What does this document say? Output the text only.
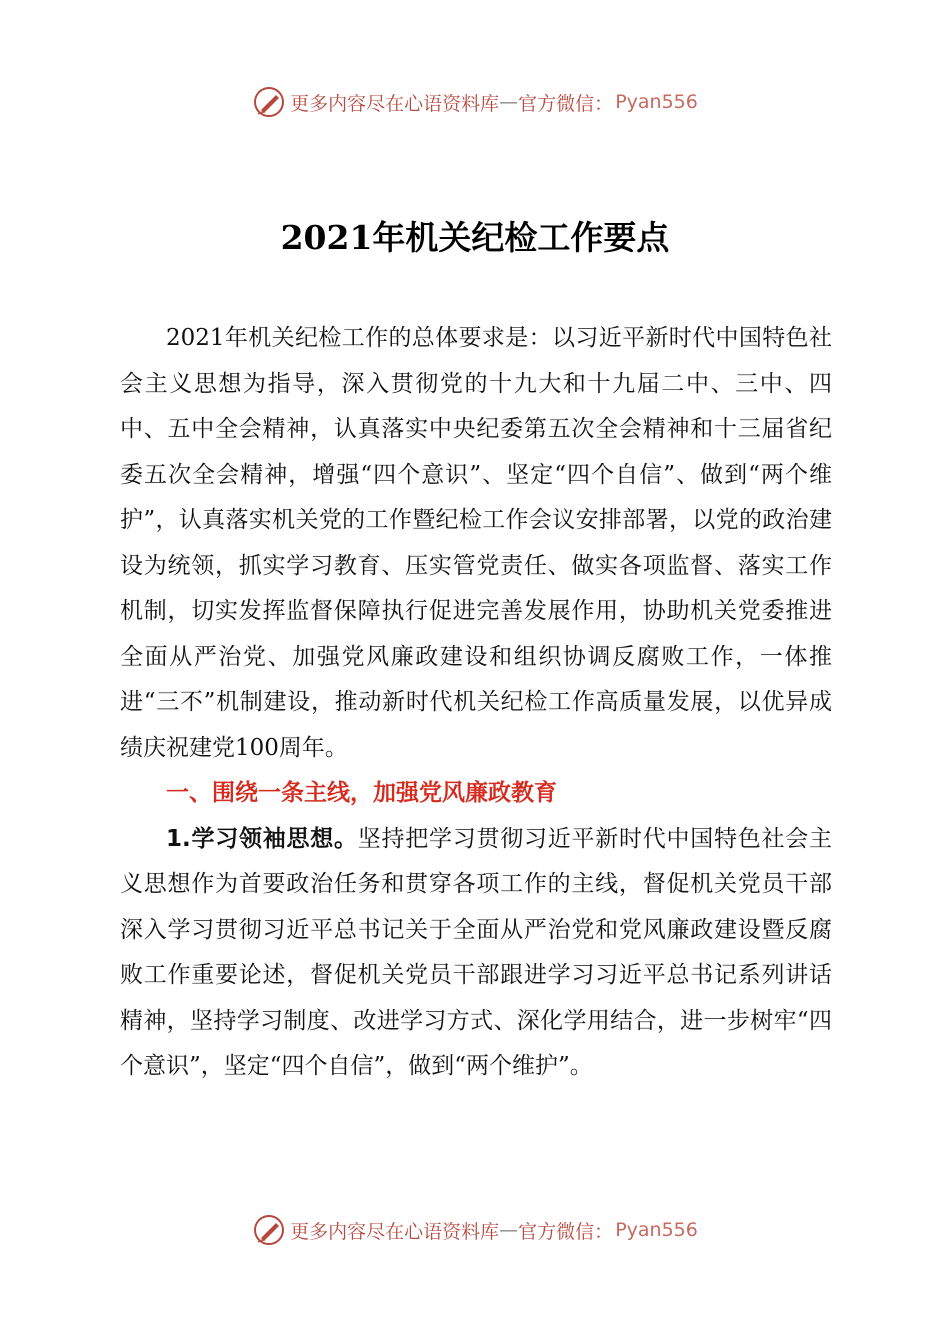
更多内容尽在心语资料库 — 官方微信： Pyan556
2021年机关纪检工作要点

2021年机关纪检工作的总体要求是：以习近平新时代中国特色社会主义思想为指导，深入贯彻党的十九大和十九届二中、三中、四中、五中全会精神，认真落实中央纪委第五次全会精神和十三届省纪委五次全会精神，增强“四个意识”、坚定“四个自信”、做到“两个维护”，认真落实机关党的工作暨纪检工作会议安排部署，以党的政治建设为统领，抓实学习教育、压实管党责任、做实各项监督、落实工作机制，切实发挥监督保障执行促进完善发展作用，协助机关党委推进全面从严治党、加强党风廉政建设和组织协调反腐败工作，一体推进“三不”机制建设，推动新时代机关纪检工作高质量发展，以优异成绩庆祝建党100周年。

一、围绕一条主线，加强党风廉政教育

1.学习领袖思想。坚持把学习贯彻习近平新时代中国特色社会主义思想作为首要政治任务和贯穿各项工作的主线，督促机关党员干部深入学习贯彻习近平总书记关于全面从严治党和党风廉政建设暨反腐败工作重要论述，督促机关党员干部跟进学习习近平总书记系列讲话精神，坚持学习制度、改进学习方式、深化学用结合，进一步树牢“四个意识”，坚定“四个自信”，做到“两个维护”。

更多内容尽在心语资料库 — 官方微信： Pyan556
